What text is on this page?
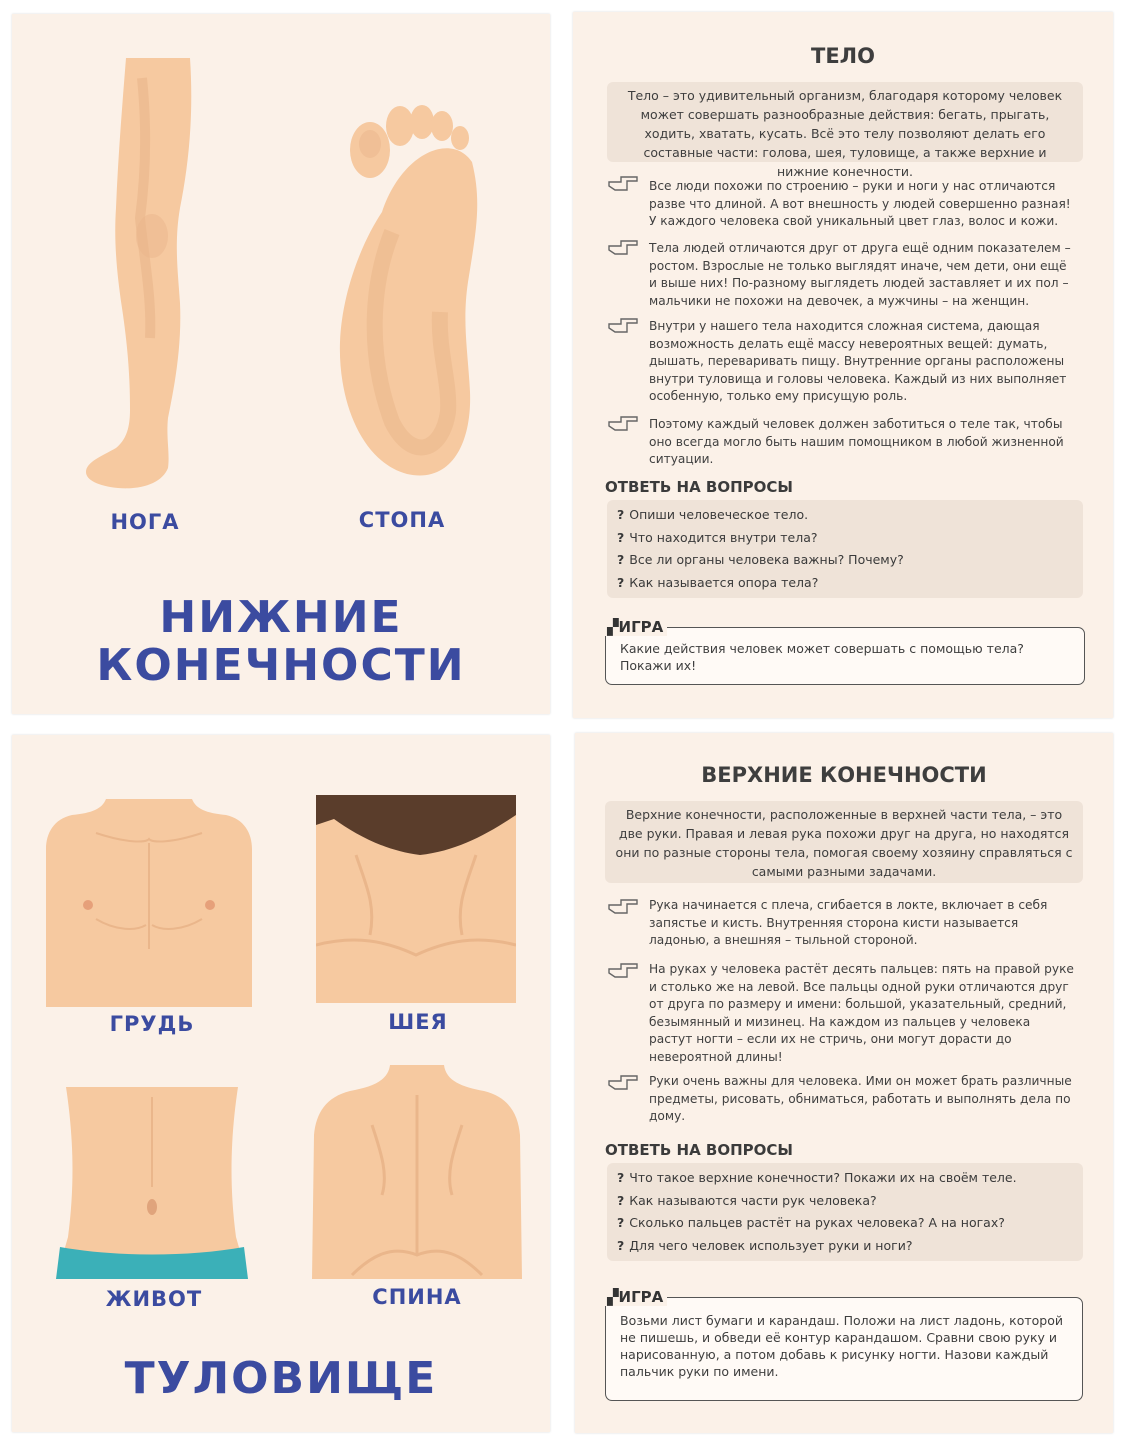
НОГА	СТОПА
НИЖНИЕ
КОНЕЧНОСТИ
ТЕЛО
Тело – это удивительный организм, благодаря которому человек может совершать разнообразные действия: бегать, прыгать, ходить, хватать, кусать. Всё это телу позволяют делать его составные части: голова, шея, туловище, а также верхние и нижние конечности.
Все люди похожи по строению – руки и ноги у нас отличаются разве что длиной. А вот внешность у людей совершенно разная! У каждого человека свой уникальный цвет глаз, волос и кожи.
Тела людей отличаются друг от друга ещё одним показателем – ростом. Взрослые не только выглядят иначе, чем дети, они ещё и выше них! По-разному выглядеть людей заставляет и их пол – мальчики не похожи на девочек, а мужчины – на женщин.
Внутри у нашего тела находится сложная система, дающая возможность делать ещё массу невероятных вещей: думать, дышать, переваривать пищу. Внутренние органы расположены внутри туловища и головы человека. Каждый из них выполняет особенную, только ему присущую роль.
Поэтому каждый человек должен заботиться о теле так, чтобы оно всегда могло быть нашим помощником в любой жизненной ситуации.
ОТВЕТЬ НА ВОПРОСЫ
? Опиши человеческое тело.
? Что находится внутри тела?
? Все ли органы человека важны? Почему?
? Как называется опора тела?
Какие действия человек может совершать с помощью тела? Покажи их!
▞ИГРА
ГРУДЬ	ШЕЯ
ЖИВОТ	СПИНА
ТУЛОВИЩЕ
ВЕРХНИЕ КОНЕЧНОСТИ
Верхние конечности, расположенные в верхней части тела, – это две руки. Правая и левая рука похожи друг на друга, но находятся они по разные стороны тела, помогая своему хозяину справляться с самыми разными задачами.
Рука начинается с плеча, сгибается в локте, включает в себя запястье и кисть. Внутренняя сторона кисти называется ладонью, а внешняя – тыльной стороной.
На руках у человека растёт десять пальцев: пять на правой руке и столько же на левой. Все пальцы одной руки отличаются друг от друга по размеру и имени: большой, указательный, средний, безымянный и мизинец. На каждом из пальцев у человека растут ногти – если их не стричь, они могут дорасти до невероятной длины!
Руки очень важны для человека. Ими он может брать различные предметы, рисовать, обниматься, работать и выполнять дела по дому.
ОТВЕТЬ НА ВОПРОСЫ
? Что такое верхние конечности? Покажи их на своём теле.
? Как называются части рук человека?
? Сколько пальцев растёт на руках человека? А на ногах?
? Для чего человек использует руки и ноги?
Возьми лист бумаги и карандаш. Положи на лист ладонь, которой не пишешь, и обведи её контур карандашом. Сравни свою руку и нарисованную, а потом добавь к рисунку ногти. Назови каждый пальчик руки по имени.
▞ИГРА
